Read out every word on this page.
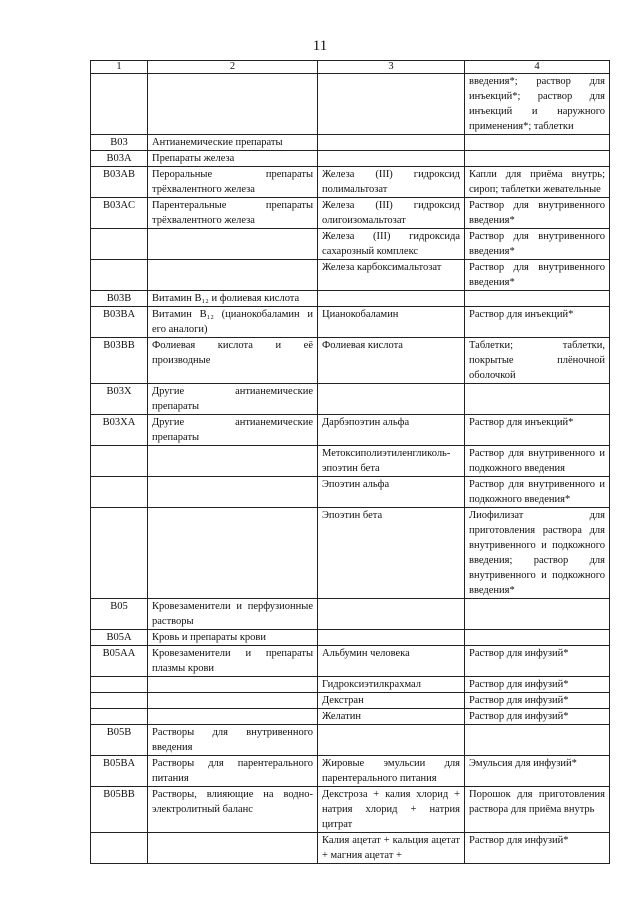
11
1	2	3	4
			введения*; раствор для инъекций*; раствор для инъекций и наружного применения*; таблетки
B03	Антианемические препараты		
B03A	Препараты железа		
B03AB	Пероральные препараты трёхвалентного железа	Железа (III) гидроксид полимальтозат	Капли для приёма внутрь; сироп; таблетки жевательные
B03AC	Парентеральные препараты трёхвалентного железа	Железа (III) гидроксид олигоизомальтозат	Раствор для внутривенного введения*
		Железа (III) гидроксида сахарозный комплекс	Раствор для внутривенного введения*
		Железа карбоксимальтозат	Раствор для внутривенного введения*
B03B	Витамин B₁₂ и фолиевая кислота		
B03BA	Витамин B₁₂ (цианокобаламин и его аналоги)	Цианокобаламин	Раствор для инъекций*
B03BB	Фолиевая кислота и её производные	Фолиевая кислота	Таблетки; таблетки, покрытые плёночной оболочкой
B03X	Другие антианемические препараты		
B03XA	Другие антианемические препараты	Дарбэпоэтин альфа	Раствор для инъекций*
		Метоксиполиэтиленгликоль-эпоэтин бета	Раствор для внутривенного и подкожного введения
		Эпоэтин альфа	Раствор для внутривенного и подкожного введения*
		Эпоэтин бета	Лиофилизат для приготовления раствора для внутривенного и подкожного введения; раствор для внутривенного и подкожного введения*
B05	Кровезаменители и перфузионные растворы		
B05A	Кровь и препараты крови		
B05AA	Кровезаменители и препараты плазмы крови	Альбумин человека	Раствор для инфузий*
		Гидроксиэтилкрахмал	Раствор для инфузий*
		Декстран	Раствор для инфузий*
		Желатин	Раствор для инфузий*
B05B	Растворы для внутривенного введения		
B05BA	Растворы для парентерального питания	Жировые эмульсии для парентерального питания	Эмульсия для инфузий*
B05BB	Растворы, влияющие на водно-электролитный баланс	Декстроза + калия хлорид + натрия хлорид + натрия цитрат	Порошок для приготовления раствора для приёма внутрь
		Калия ацетат + кальция ацетат + магния ацетат +	Раствор для инфузий*
